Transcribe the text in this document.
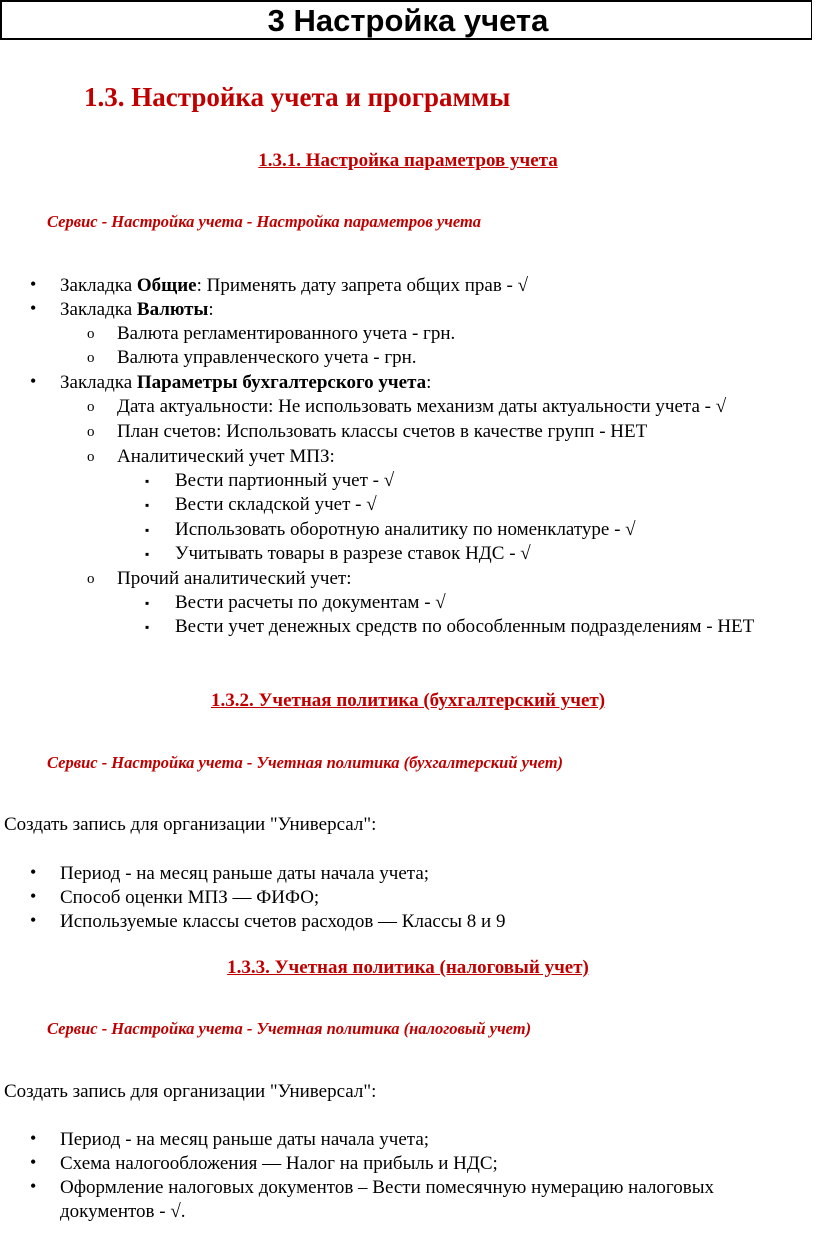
3 Настройка учета
1.3. Настройка учета и программы
1.3.1. Настройка параметров учета
Сервис - Настройка учета - Настройка параметров учета
• Закладка Общие: Применять дату запрета общих прав - √
• Закладка Валюты:
o Валюта регламентированного учета - грн.
o Валюта управленческого учета - грн.
• Закладка Параметры бухгалтерского учета:
o Дата актуальности: Не использовать механизм даты актуальности учета - √
o План счетов: Использовать классы счетов в качестве групп - НЕТ
o Аналитический учет МПЗ:
▪ Вести партионный учет - √
▪ Вести складской учет - √
▪ Использовать оборотную аналитику по номенклатуре - √
▪ Учитывать товары в разрезе ставок НДС - √
o Прочий аналитический учет:
▪ Вести расчеты по документам - √
▪ Вести учет денежных средств по обособленным подразделениям - НЕТ
1.3.2. Учетная политика (бухгалтерский учет)
Сервис - Настройка учета - Учетная политика (бухгалтерский учет)
Создать запись для организации "Универсал":
• Период - на месяц раньше даты начала учета;
• Способ оценки МПЗ — ФИФО;
• Используемые классы счетов расходов — Классы 8 и 9
1.3.3. Учетная политика (налоговый учет)
Сервис - Настройка учета - Учетная политика (налоговый учет)
Создать запись для организации "Универсал":
• Период - на месяц раньше даты начала учета;
• Схема налогообложения — Налог на прибыль и НДС;
• Оформление налоговых документов – Вести помесячную нумерацию налоговых документов - √.
